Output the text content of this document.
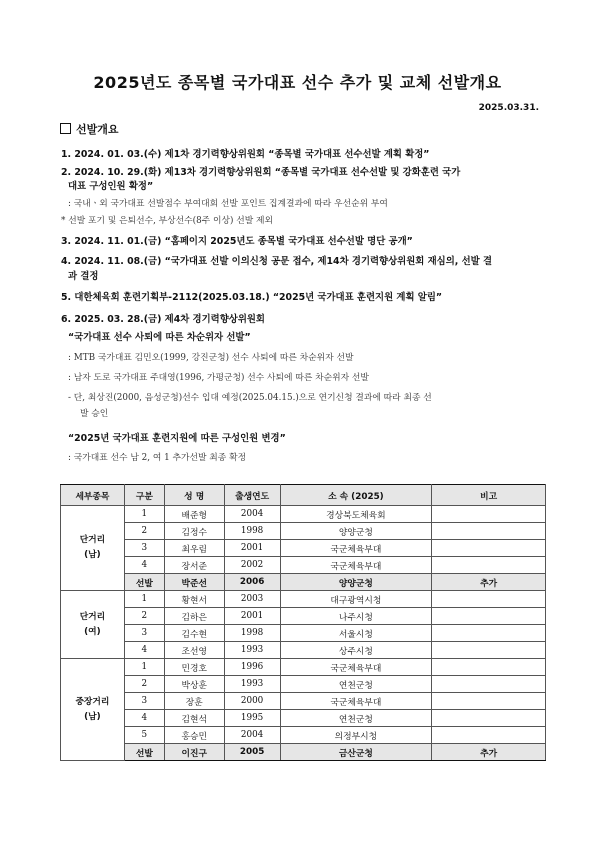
2025년도 종목별 국가대표 선수 추가 및 교체 선발개요
2025.03.31.
선발개요
1. 2024. 01. 03.(수) 제1차 경기력향상위원회 “종목별 국가대표 선수선발 계획 확정”
2. 2024. 10. 29.(화) 제13차 경기력향상위원회 “종목별 국가대표 선수선발 및 강화훈련 국가
대표 구성인원 확정”
: 국내ㆍ외 국가대표 선발점수 부여대회 선발 포인트 집계결과에 따라 우선순위 부여
* 선발 포기 및 은퇴선수, 부상선수(8주 이상) 선발 제외
3. 2024. 11. 01.(금) “홈페이지 2025년도 종목별 국가대표 선수선발 명단 공개”
4. 2024. 11. 08.(금) “국가대표 선발 이의신청 공문 접수, 제14차 경기력향상위원회 재심의, 선발 결
과 결정
5. 대한체육회 훈련기획부-2112(2025.03.18.) “2025년 국가대표 훈련지원 계획 알림”
6. 2025. 03. 28.(금) 제4차 경기력향상위원회
“국가대표 선수 사퇴에 따른 차순위자 선발”
: MTB 국가대표 김민오(1999, 강진군청) 선수 사퇴에 따른 차순위자 선발
: 남자 도로 국가대표 주대영(1996, 가평군청) 선수 사퇴에 따른 차순위자 선발
- 단, 최상진(2000, 음성군청)선수 입대 예정(2025.04.15.)으로 연기신청 결과에 따라 최종 선
발 승인
“2025년 국가대표 훈련지원에 따른 구성인원 변경”
: 국가대표 선수 남 2, 여 1 추가선발 최종 확정
세부종목	구분	성 명	출생연도	소 속 (2025)	비고

단거리
(남)	1	배준형	2004	경상북도체육회	
	2	김정수	1998	양양군청	
	3	최우림	2001	국군체육부대	
	4	장서준	2002	국군체육부대	
	선발	박준선	2006	양양군청	추가

단거리
(여)	1	황현서	2003	대구광역시청	
	2	김하은	2001	나주시청	
	3	김수현	1998	서울시청	
	4	조선영	1993	상주시청	

중장거리
(남)	1	민경호	1996	국군체육부대	
	2	박상훈	1993	연천군청	
	3	장훈	2000	국군체육부대	
	4	김현석	1995	연천군청	
	5	홍승민	2004	의정부시청	
	선발	이진구	2005	금산군청	추가
